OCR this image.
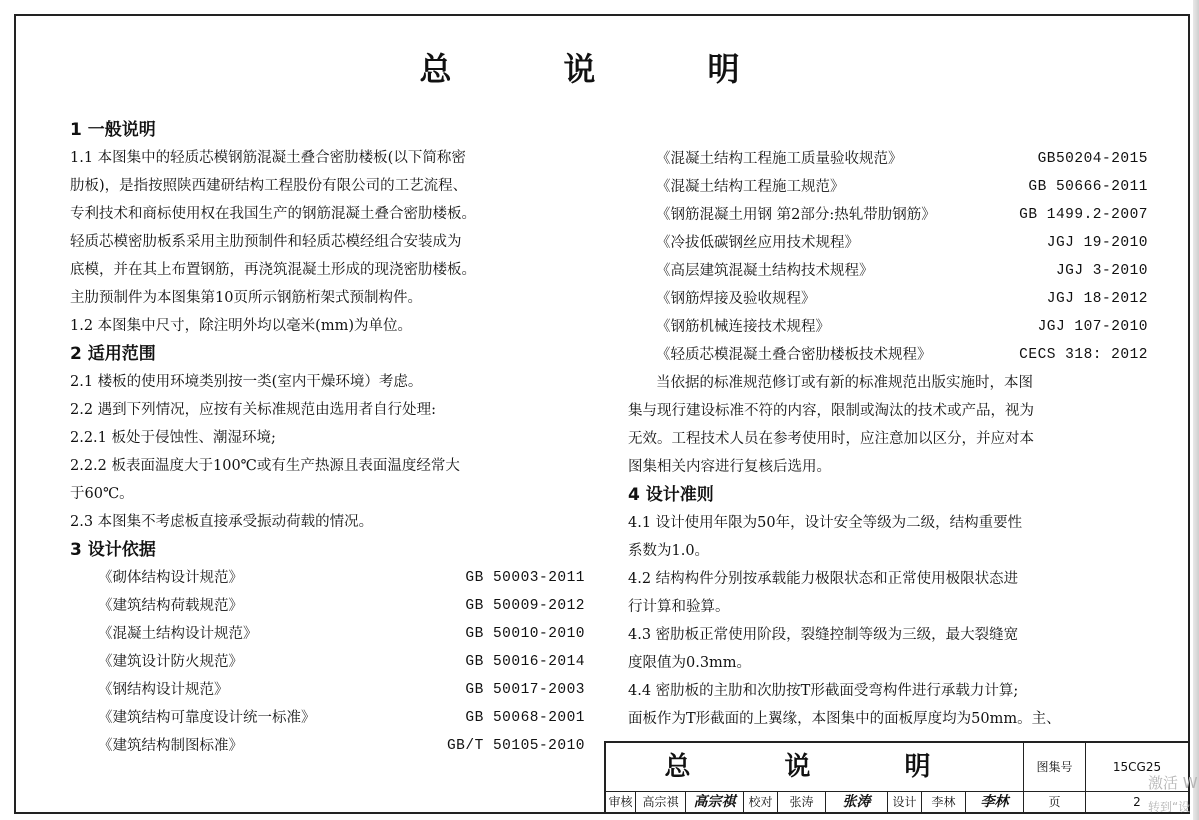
总　说　明
1 一般说明
1.1 本图集中的轻质芯模钢筋混凝土叠合密肋楼板(以下简称密
肋板)，是指按照陕西建研结构工程股份有限公司的工艺流程、
专利技术和商标使用权在我国生产的钢筋混凝土叠合密肋楼板。
轻质芯模密肋板系采用主肋预制件和轻质芯模经组合安装成为
底模，并在其上布置钢筋，再浇筑混凝土形成的现浇密肋楼板。
主肋预制件为本图集第10页所示钢筋桁架式预制构件。
1.2 本图集中尺寸，除注明外均以毫米(mm)为单位。
2 适用范围
2.1 楼板的使用环境类别按一类(室内干燥环境）考虑。
2.2 遇到下列情况，应按有关标准规范由选用者自行处理:
2.2.1 板处于侵蚀性、潮湿环境;
2.2.2 板表面温度大于100℃或有生产热源且表面温度经常大
于60℃。
2.3 本图集不考虑板直接承受振动荷载的情况。
3 设计依据
《砌体结构设计规范》	GB 50003-2011
《建筑结构荷载规范》	GB 50009-2012
《混凝土结构设计规范》	GB 50010-2010
《建筑设计防火规范》	GB 50016-2014
《钢结构设计规范》	GB 50017-2003
《建筑结构可靠度设计统一标准》	GB 50068-2001
《建筑结构制图标准》	GB/T 50105-2010
《混凝土结构工程施工质量验收规范》	GB50204-2015
《混凝土结构工程施工规范》	GB 50666-2011
《钢筋混凝土用钢 第2部分:热轧带肋钢筋》	GB 1499.2-2007
《冷拔低碳钢丝应用技术规程》	JGJ 19-2010
《高层建筑混凝土结构技术规程》	JGJ 3-2010
《钢筋焊接及验收规程》	JGJ 18-2012
《钢筋机械连接技术规程》	JGJ 107-2010
《轻质芯模混凝土叠合密肋楼板技术规程》	CECS 318: 2012
当依据的标准规范修订或有新的标准规范出版实施时，本图
集与现行建设标准不符的内容，限制或淘汰的技术或产品，视为
无效。工程技术人员在参考使用时，应注意加以区分，并应对本
图集相关内容进行复核后选用。
4 设计准则
4.1 设计使用年限为50年，设计安全等级为二级，结构重要性
系数为1.0。
4.2 结构构件分别按承载能力极限状态和正常使用极限状态进
行计算和验算。
4.3 密肋板正常使用阶段，裂缝控制等级为三级，最大裂缝宽
度限值为0.3mm。
4.4 密肋板的主肋和次肋按T形截面受弯构件进行承载力计算;
面板作为T形截面的上翼缘，本图集中的面板厚度均为50mm。主、
总　说　明	图集号	15CG25
审核 高宗祺	高宗祺	校对	张涛	张涛	设计	李林	李林	页	2
激活 W
转到“设
